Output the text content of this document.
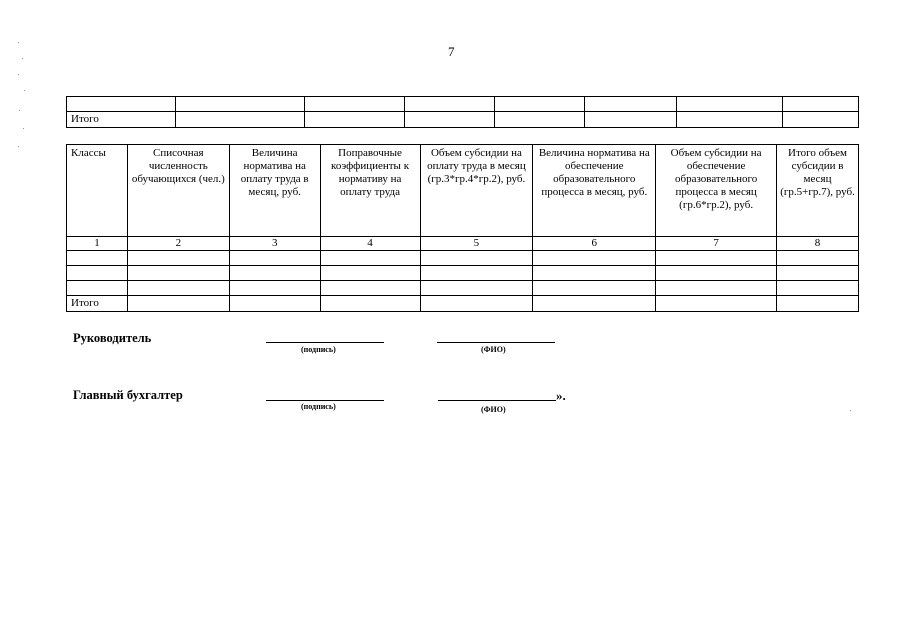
7

Итого							
Классы	Списочная численность обучающихся (чел.)	Величина норматива на оплату труда в месяц, руб.	Поправочные коэффициенты к нормативу на оплату труда	Объем субсидии на оплату труда в месяц (гр.3*гр.4*гр.2), руб.	Величина норматива на обеспечение образовательного процесса в месяц, руб.	Объем субсидии на обеспечение образовательного процесса в месяц (гр.6*гр.2), руб.	Итого объем субсидии в месяц (гр.5+гр.7), руб.
1	2	3	4	5	6	7	8

Итого							
Руководитель
(подпись)	(ФИО)
Главный бухгалтер
(подпись)
».
(ФИО)
